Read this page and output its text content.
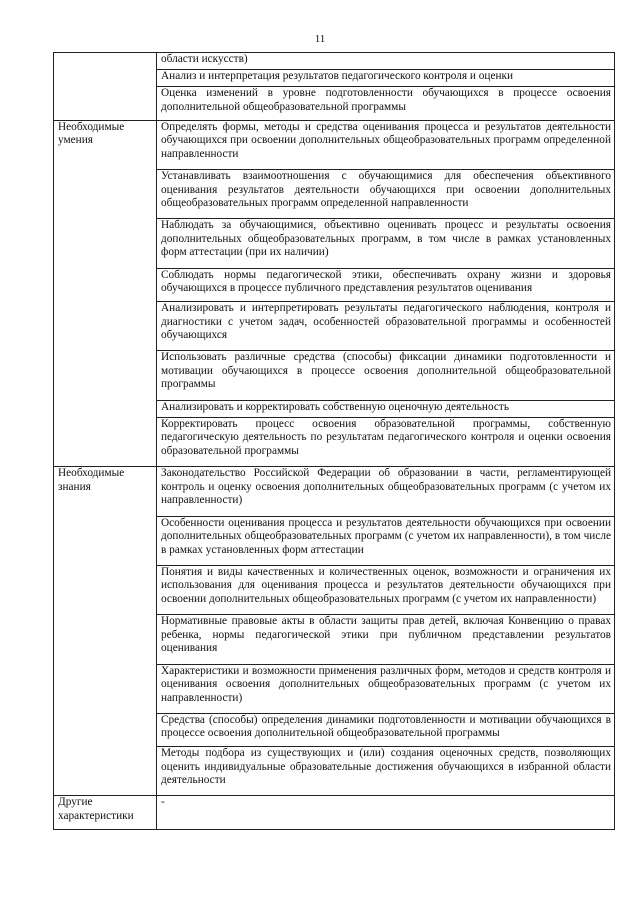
11
	области искусств)
	Анализ и интерпретация результатов педагогического контроля и оценки
	Оценка изменений в уровне подготовленности обучающихся в процессе освоения дополнительной общеобразовательной программы
Необходимые умения	Определять формы, методы и средства оценивания процесса и результатов деятельности обучающихся при освоении дополнительных общеобразовательных программ определенной направленности
	Устанавливать взаимоотношения с обучающимися для обеспечения объективного оценивания результатов деятельности обучающихся при освоении дополнительных общеобразовательных программ определенной направленности
	Наблюдать за обучающимися, объективно оценивать процесс и результаты освоения дополнительных общеобразовательных программ, в том числе в рамках установленных форм аттестации (при их наличии)
	Соблюдать нормы педагогической этики, обеспечивать охрану жизни и здоровья обучающихся в процессе публичного представления результатов оценивания
	Анализировать и интерпретировать результаты педагогического наблюдения, контроля и диагностики с учетом задач, особенностей образовательной программы и особенностей обучающихся
	Использовать различные средства (способы) фиксации динамики подготовленности и мотивации обучающихся в процессе освоения дополнительной общеобразовательной программы
	Анализировать и корректировать собственную оценочную деятельность
	Корректировать процесс освоения образовательной программы, собственную педагогическую деятельность по результатам педагогического контроля и оценки освоения образовательной программы
Необходимые знания	Законодательство Российской Федерации об образовании в части, регламентирующей контроль и оценку освоения дополнительных общеобразовательных программ (с учетом их направленности)
	Особенности оценивания процесса и результатов деятельности обучающихся при освоении дополнительных общеобразовательных программ (с учетом их направленности), в том числе в рамках установленных форм аттестации
	Понятия и виды качественных и количественных оценок, возможности и ограничения их использования для оценивания процесса и результатов деятельности обучающихся при освоении дополнительных общеобразовательных программ (с учетом их направленности)
	Нормативные правовые акты в области защиты прав детей, включая Конвенцию о правах ребенка, нормы педагогической этики при публичном представлении результатов оценивания
	Характеристики и возможности применения различных форм, методов и средств контроля и оценивания освоения дополнительных общеобразовательных программ (с учетом их направленности)
	Средства (способы) определения динамики подготовленности и мотивации обучающихся в процессе освоения дополнительной общеобразовательной программы
	Методы подбора из существующих и (или) создания оценочных средств, позволяющих оценить индивидуальные образовательные достижения обучающихся в избранной области деятельности
Другие характеристики	-
